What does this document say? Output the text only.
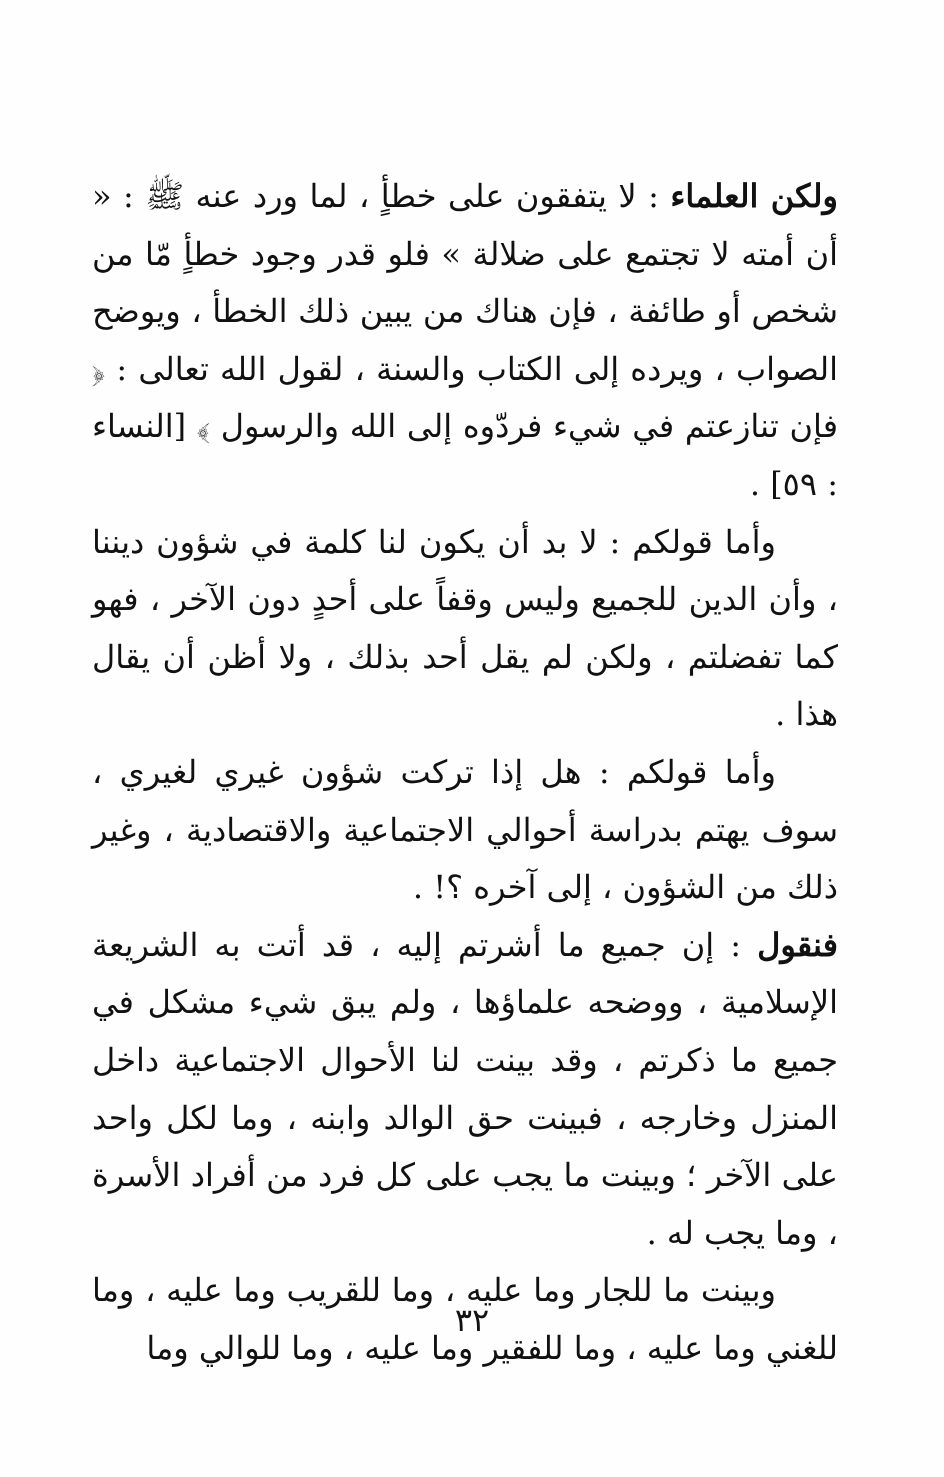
ولكن العلماء : لا يتفقون على خطأٍ ، لما ورد عنه ﷺ : « أن أمته لا تجتمع على ضلالة » فلو قدر وجود خطأٍ مّا من شخص أو طائفة ، فإن هناك من يبين ذلك الخطأ ، ويوضح الصواب ، ويرده إلى الكتاب والسنة ، لقول الله تعالى : ﴿ فإن تنازعتم في شيء فردّوه إلى الله والرسول ﴾ [النساء : ٥٩] .

وأما قولكم : لا بد أن يكون لنا كلمة في شؤون ديننا ، وأن الدين للجميع وليس وقفاً على أحدٍ دون الآخر ، فهو كما تفضلتم ، ولكن لم يقل أحد بذلك ، ولا أظن أن يقال هذا .

وأما قولكم : هل إذا تركت شؤون غيري لغيري ، سوف يهتم بدراسة أحوالي الاجتماعية والاقتصادية ، وغير ذلك من الشؤون ، إلى آخره ؟! .

فنقول : إن جميع ما أشرتم إليه ، قد أتت به الشريعة الإسلامية ، ووضحه علماؤها ، ولم يبق شيء مشكل في جميع ما ذكرتم ، وقد بينت لنا الأحوال الاجتماعية داخل المنزل وخارجه ، فبينت حق الوالد وابنه ، وما لكل واحد على الآخر ؛ وبينت ما يجب على كل فرد من أفراد الأسرة ، وما يجب له .

وبينت ما للجار وما عليه ، وما للقريب وما عليه ، وما للغني وما عليه ، وما للفقير وما عليه ، وما للوالي وما

٣٢
